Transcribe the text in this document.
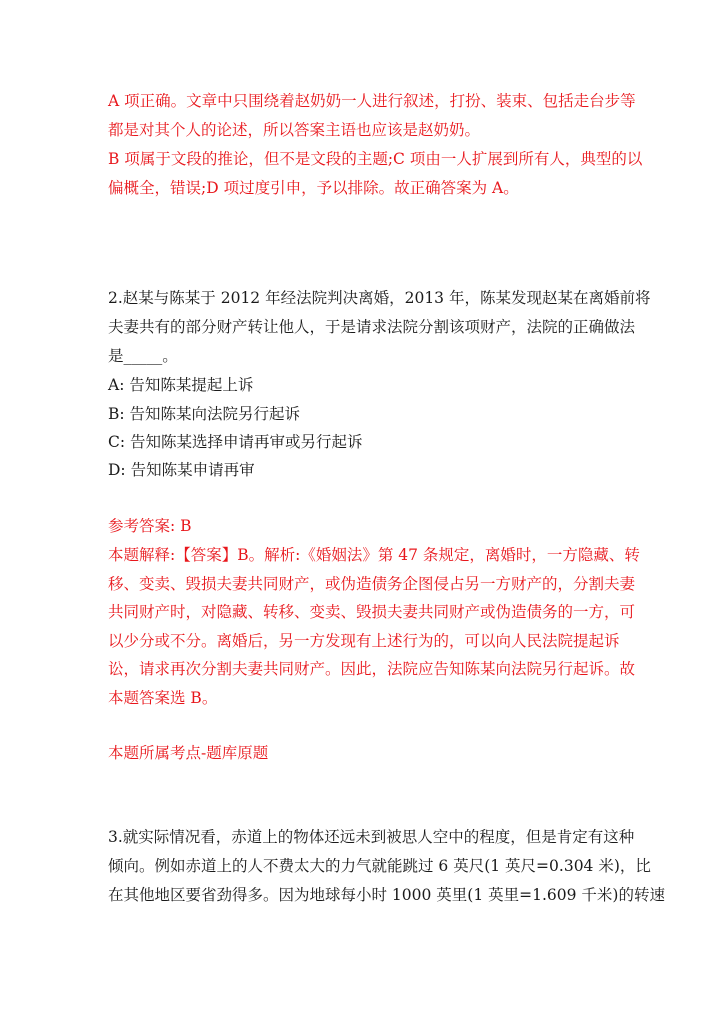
A 项正确。文章中只围绕着赵奶奶一人进行叙述，打扮、装束、包括走台步等
都是对其个人的论述，所以答案主语也应该是赵奶奶。
B 项属于文段的推论，但不是文段的主题;C 项由一人扩展到所有人，典型的以
偏概全，错误;D 项过度引申，予以排除。故正确答案为 A。
2.赵某与陈某于 2012 年经法院判决离婚，2013 年，陈某发现赵某在离婚前将
夫妻共有的部分财产转让他人，于是请求法院分割该项财产，法院的正确做法
是_____。
A: 告知陈某提起上诉
B: 告知陈某向法院另行起诉
C: 告知陈某选择申请再审或另行起诉
D: 告知陈某申请再审
参考答案: B
本题解释:【答案】B。解析:《婚姻法》第 47 条规定，离婚时，一方隐藏、转
移、变卖、毁损夫妻共同财产，或伪造债务企图侵占另一方财产的，分割夫妻
共同财产时，对隐藏、转移、变卖、毁损夫妻共同财产或伪造债务的一方，可
以少分或不分。离婚后，另一方发现有上述行为的，可以向人民法院提起诉
讼，请求再次分割夫妻共同财产。因此，法院应告知陈某向法院另行起诉。故
本题答案选 B。
本题所属考点-题库原题
3.就实际情况看，赤道上的物体还远未到被思人空中的程度，但是肯定有这种
倾向。例如赤道上的人不费太大的力气就能跳过 6 英尺(1 英尺=0.304 米)，比
在其他地区要省劲得多。因为地球每小时 1000 英里(1 英里=1.609 千米)的转速
